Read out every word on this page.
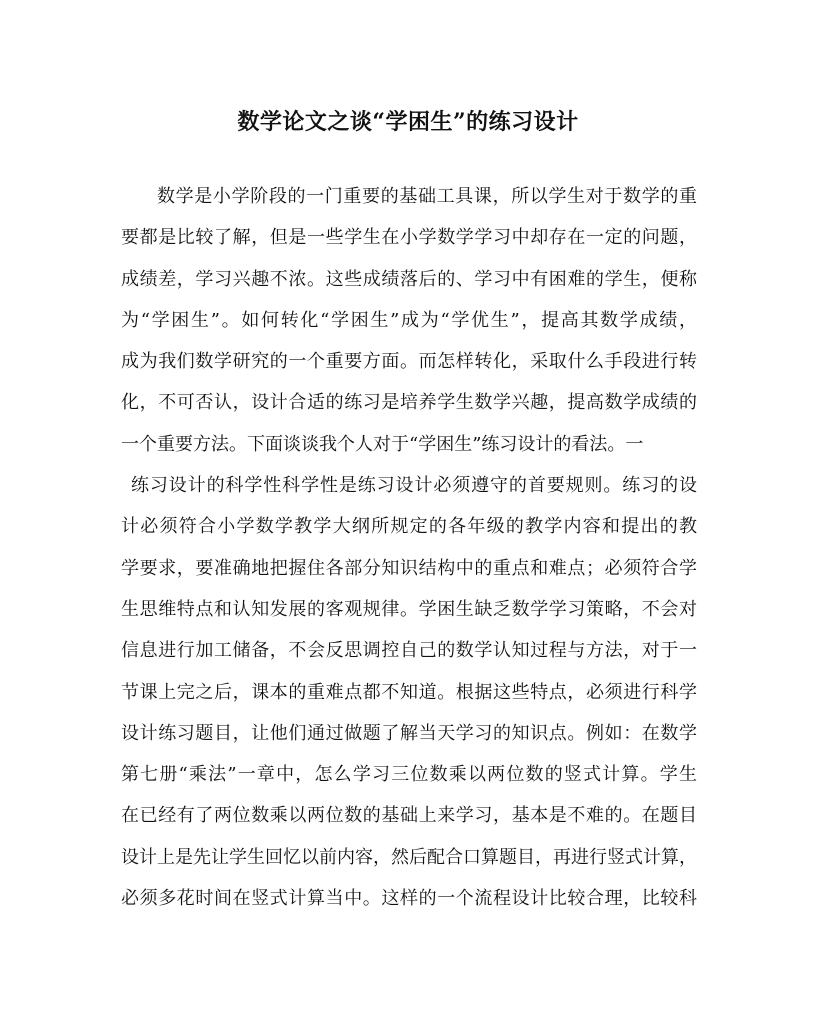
数学论文之谈“学困生”的练习设计
数学是小学阶段的一门重要的基础工具课，所以学生对于数学的重
要都是比较了解，但是一些学生在小学数学学习中却存在一定的问题，
成绩差，学习兴趣不浓。这些成绩落后的、学习中有困难的学生，便称
为“学困生”。如何转化“学困生”成为“学优生”，提高其数学成绩，
成为我们数学研究的一个重要方面。而怎样转化，采取什么手段进行转
化，不可否认，设计合适的练习是培养学生数学兴趣，提高数学成绩的
一个重要方法。下面谈谈我个人对于“学困生”练习设计的看法。一
练习设计的科学性科学性是练习设计必须遵守的首要规则。练习的设
计必须符合小学数学教学大纲所规定的各年级的教学内容和提出的教
学要求，要准确地把握住各部分知识结构中的重点和难点；必须符合学
生思维特点和认知发展的客观规律。学困生缺乏数学学习策略，不会对
信息进行加工储备，不会反思调控自己的数学认知过程与方法，对于一
节课上完之后，课本的重难点都不知道。根据这些特点，必须进行科学
设计练习题目，让他们通过做题了解当天学习的知识点。例如：在数学
第七册“乘法”一章中，怎么学习三位数乘以两位数的竖式计算。学生
在已经有了两位数乘以两位数的基础上来学习，基本是不难的。在题目
设计上是先让学生回忆以前内容，然后配合口算题目，再进行竖式计算，
必须多花时间在竖式计算当中。这样的一个流程设计比较合理，比较科
